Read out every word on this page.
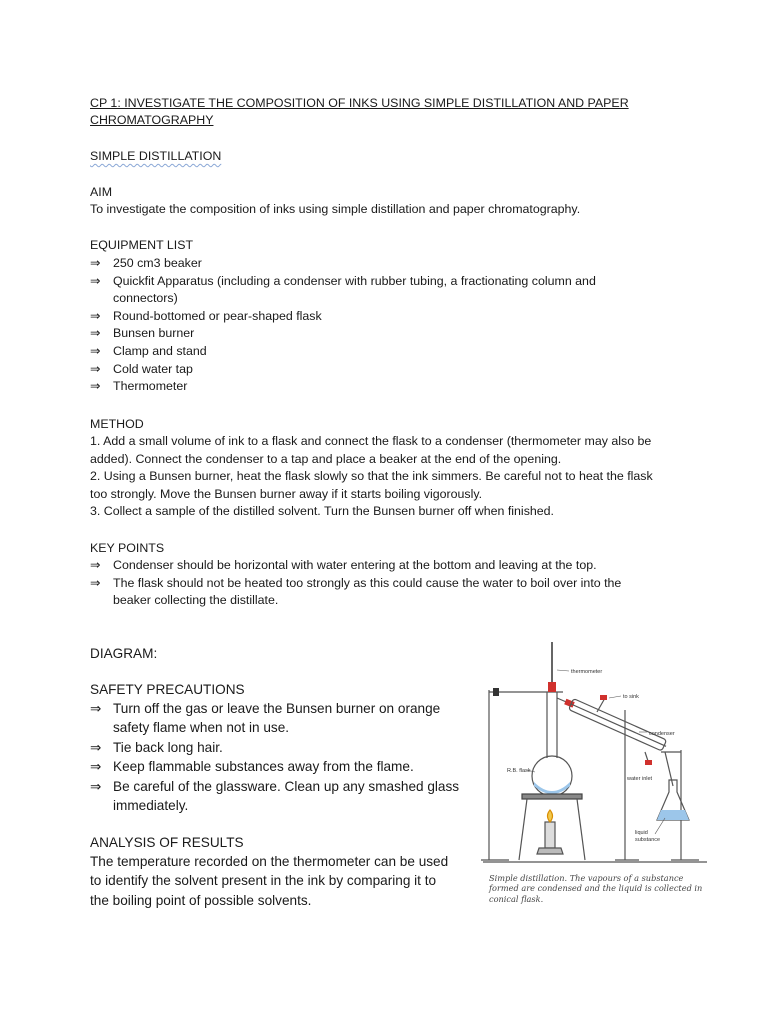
CP 1: INVESTIGATE THE COMPOSITION OF INKS USING SIMPLE DISTILLATION AND PAPER
CHROMATOGRAPHY
SIMPLE DISTILLATION
AIM
To investigate the composition of inks using simple distillation and paper chromatography.
EQUIPMENT LIST
⇒ 250 cm3 beaker
⇒ Quickfit Apparatus (including a condenser with rubber tubing, a fractionating column and
connectors)
⇒ Round-bottomed or pear-shaped flask
⇒ Bunsen burner
⇒ Clamp and stand
⇒ Cold water tap
⇒ Thermometer
METHOD
1. Add a small volume of ink to a flask and connect the flask to a condenser (thermometer may also be
added). Connect the condenser to a tap and place a beaker at the end of the opening.
2. Using a Bunsen burner, heat the flask slowly so that the ink simmers. Be careful not to heat the flask
too strongly. Move the Bunsen burner away if it starts boiling vigorously.
3. Collect a sample of the distilled solvent. Turn the Bunsen burner off when finished.
KEY POINTS
⇒ Condenser should be horizontal with water entering at the bottom and leaving at the top.
⇒ The flask should not be heated too strongly as this could cause the water to boil over into the
beaker collecting the distillate.
DIAGRAM:
SAFETY PRECAUTIONS
⇒ Turn off the gas or leave the Bunsen burner on orange
safety flame when not in use.
⇒ Tie back long hair.
⇒ Keep flammable substances away from the flame.
⇒ Be careful of the glassware. Clean up any smashed glass
immediately.
ANALYSIS OF RESULTS
The temperature recorded on the thermometer can be used
to identify the solvent present in the ink by comparing it to
the boiling point of possible solvents.
thermometer
to sink
condenser
R.B. flask
water inlet
liquid
substance
Simple distillation. The vapours of a substance formed are condensed and the liquid is collected in conical flask.
